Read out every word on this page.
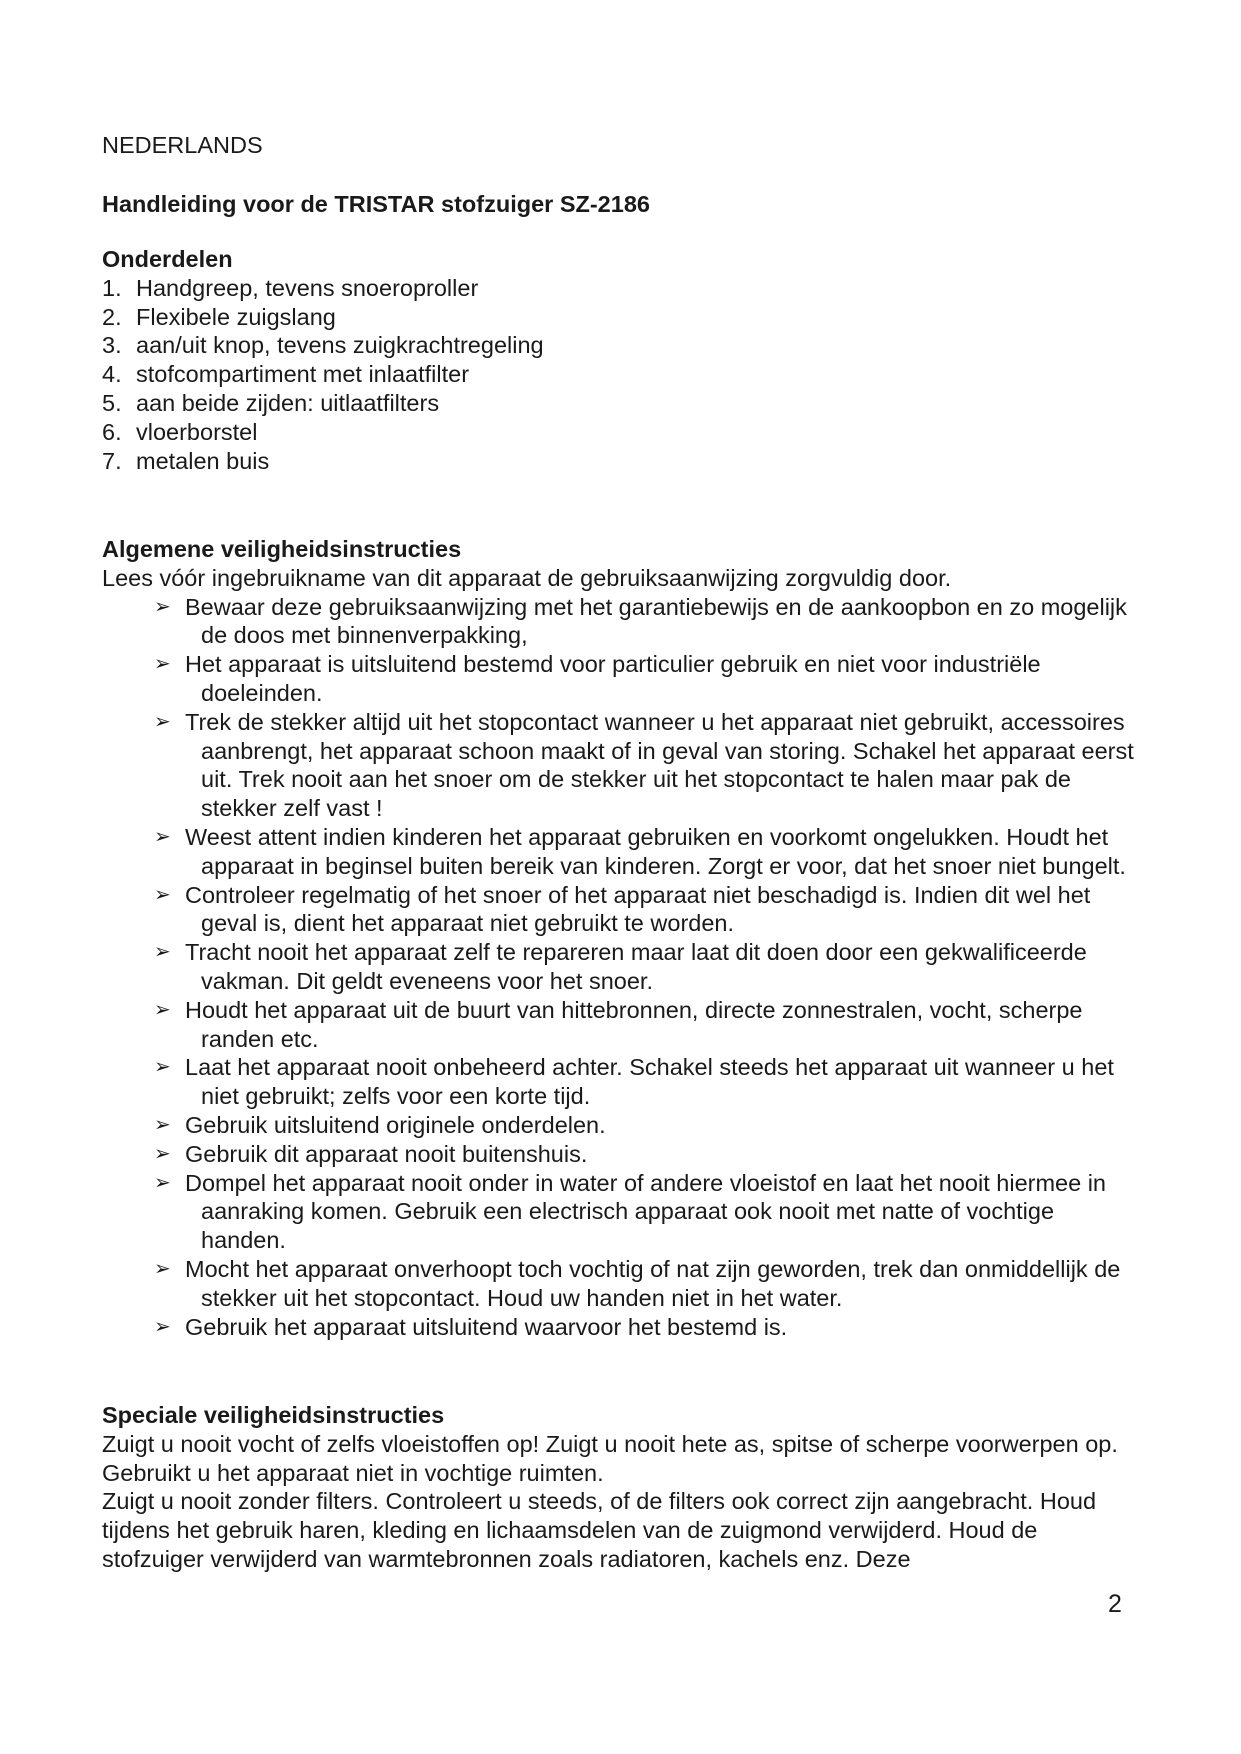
NEDERLANDS
Handleiding voor de TRISTAR stofzuiger SZ-2186
Onderdelen
1. Handgreep, tevens snoeroproller
2. Flexibele zuigslang
3. aan/uit knop, tevens zuigkrachtregeling
4. stofcompartiment met inlaatfilter
5. aan beide zijden: uitlaatfilters
6. vloerborstel
7. metalen buis
Algemene veiligheidsinstructies

Lees vóór ingebruikname van dit apparaat de gebruiksaanwijzing zorgvuldig door.

➢ Bewaar deze gebruiksaanwijzing met het garantiebewijs en de aankoopbon en zo mogelijk de doos met binnenverpakking,
➢ Het apparaat is uitsluitend bestemd voor particulier gebruik en niet voor industriële doeleinden.
➢ Trek de stekker altijd uit het stopcontact wanneer u het apparaat niet gebruikt, accessoires aanbrengt, het apparaat schoon maakt of in geval van storing. Schakel het apparaat eerst uit. Trek nooit aan het snoer om de stekker uit het stopcontact te halen maar pak de stekker zelf vast !
➢ Weest attent indien kinderen het apparaat gebruiken en voorkomt ongelukken. Houdt het apparaat in beginsel buiten bereik van kinderen. Zorgt er voor, dat het snoer niet bungelt.
➢ Controleer regelmatig of het snoer of het apparaat niet beschadigd is. Indien dit wel het geval is, dient het apparaat niet gebruikt te worden.
➢ Tracht nooit het apparaat zelf te repareren maar laat dit doen door een gekwalificeerde vakman. Dit geldt eveneens voor het snoer.
➢ Houdt het apparaat uit de buurt van hittebronnen, directe zonnestralen, vocht, scherpe randen etc.
➢ Laat het apparaat nooit onbeheerd achter. Schakel steeds het apparaat uit wanneer u het niet gebruikt; zelfs voor een korte tijd.
➢ Gebruik uitsluitend originele onderdelen.
➢ Gebruik dit apparaat nooit buitenshuis.
➢ Dompel het apparaat nooit onder in water of andere vloeistof en laat het nooit hiermee in aanraking komen. Gebruik een electrisch apparaat ook nooit met natte of vochtige handen.
➢ Mocht het apparaat onverhoopt toch vochtig of nat zijn geworden, trek dan onmiddellijk de stekker uit het stopcontact. Houd uw handen niet in het water.
➢ Gebruik het apparaat uitsluitend waarvoor het bestemd is.
Speciale veiligheidsinstructies

Zuigt u nooit vocht of zelfs vloeistoffen op! Zuigt u nooit hete as, spitse of scherpe voorwerpen op. Gebruikt u het apparaat niet in vochtige ruimten.

Zuigt u nooit zonder filters. Controleert u steeds, of de filters ook correct zijn aangebracht. Houd tijdens het gebruik haren, kleding en lichaamsdelen van de zuigmond verwijderd. Houd de stofzuiger verwijderd van warmtebronnen zoals radiatoren, kachels enz. Deze

2
